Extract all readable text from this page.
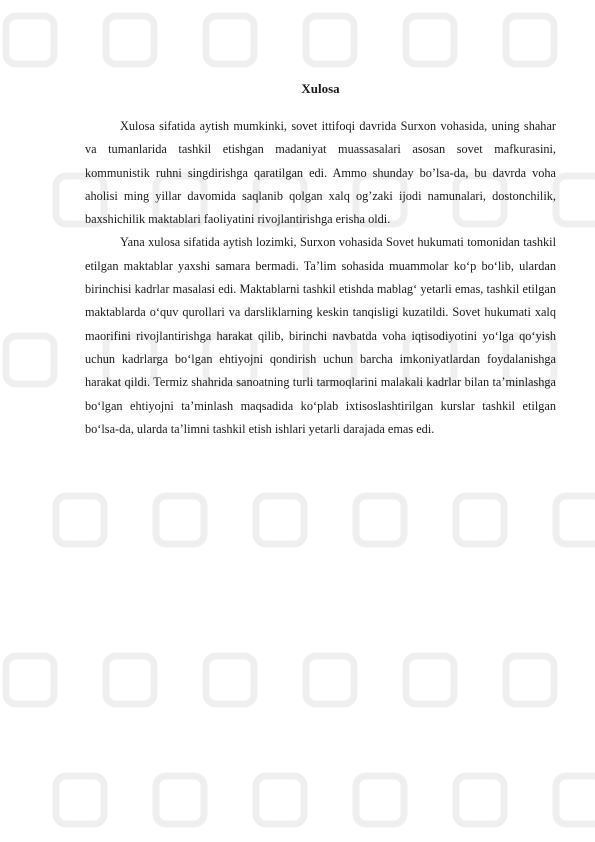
Xulosa

Xulosa sifatida aytish mumkinki, sovet ittifoqi davrida Surxon vohasida, uning shahar va tumanlarida tashkil etishgan madaniyat muassasalari asosan sovet mafkurasini, kommunistik ruhni singdirishga qaratilgan edi. Ammo shunday bo’lsa-da, bu davrda voha aholisi ming yillar davomida saqlanib qolgan xalq og’zaki ijodi namunalari, dostonchilik, baxshichilik maktablari faoliyatini rivojlantirishga erisha oldi.

Yana xulosa sifatida aytish lozimki, Surxon vohasida Sovet hukumati tomonidan tashkil etilgan maktablar yaxshi samara bermadi. Ta’lim sohasida muammolar ko‘p bo‘lib, ulardan birinchisi kadrlar masalasi edi. Maktablarni tashkil etishda mablag‘ yetarli emas, tashkil etilgan maktablarda o‘quv qurollari va darsliklarning keskin tanqisligi kuzatildi. Sovet hukumati xalq maorifini rivojlantirishga harakat qilib, birinchi navbatda voha iqtisodiyotini yo‘lga qo‘yish uchun kadrlarga bo‘lgan ehtiyojni qondirish uchun barcha imkoniyatlardan foydalanishga harakat qildi. Termiz shahrida sanoatning turli tarmoqlarini malakali kadrlar bilan ta’minlashga bo‘lgan ehtiyojni ta’minlash maqsadida ko‘plab ixtisoslashtirilgan kurslar tashkil etilgan bo‘lsa-da, ularda ta’limni tashkil etish ishlari yetarli darajada emas edi.
